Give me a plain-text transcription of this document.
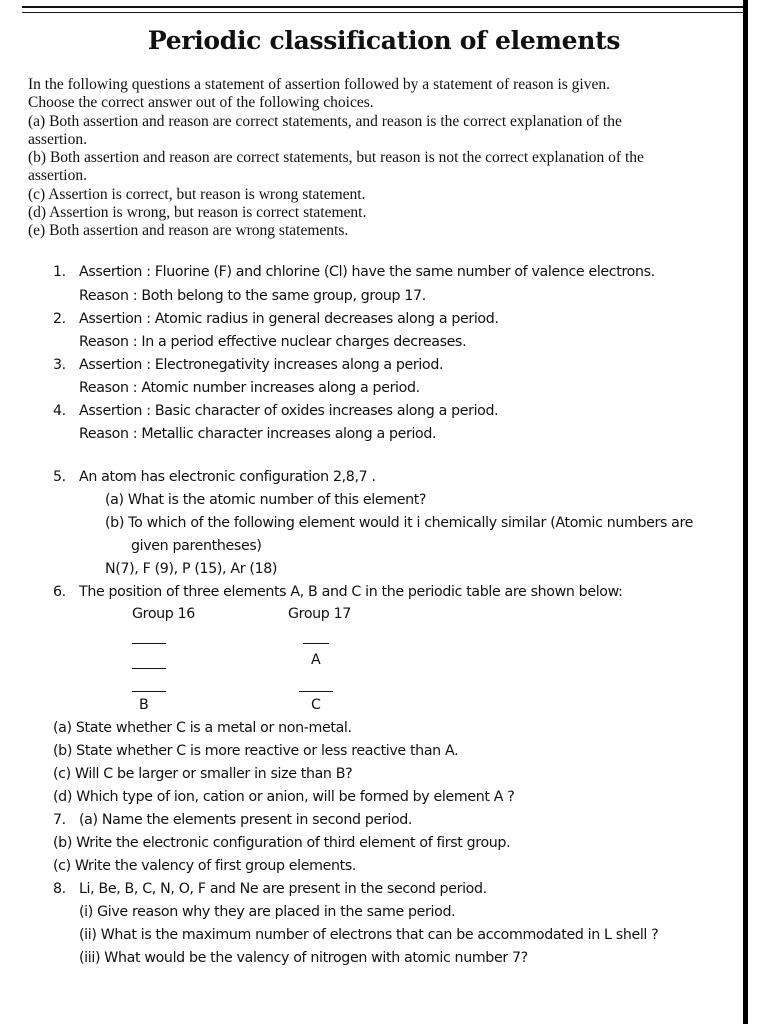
Periodic classification of elements
In the following questions a statement of assertion followed by a statement of reason is given.
Choose the correct answer out of the following choices.
(a) Both assertion and reason are correct statements, and reason is the correct explanation of the
assertion.
(b) Both assertion and reason are correct statements, but reason is not the correct explanation of the
assertion.
(c) Assertion is correct, but reason is wrong statement.
(d) Assertion is wrong, but reason is correct statement.
(e) Both assertion and reason are wrong statements.
1. Assertion : Fluorine (F) and chlorine (Cl) have the same number of valence electrons.
Reason : Both belong to the same group, group 17.
2. Assertion : Atomic radius in general decreases along a period.
Reason : In a period effective nuclear charges decreases.
3. Assertion : Electronegativity increases along a period.
Reason : Atomic number increases along a period.
4. Assertion : Basic character of oxides increases along a period.
Reason : Metallic character increases along a period.
5. An atom has electronic configuration 2,8,7 .
(a) What is the atomic number of this element?
(b) To which of the following element would it i chemically similar (Atomic numbers are
given parentheses)
N(7), F (9), P (15), Ar (18)
6. The position of three elements A, B and C in the periodic table are shown below:
Group 16	Group 17
A
B	C
(a) State whether C is a metal or non-metal.
(b) State whether C is more reactive or less reactive than A.
(c) Will C be larger or smaller in size than B?
(d) Which type of ion, cation or anion, will be formed by element A ?
7. (a) Name the elements present in second period.
(b) Write the electronic configuration of third element of first group.
(c) Write the valency of first group elements.
8. Li, Be, B, C, N, O, F and Ne are present in the second period.
(i) Give reason why they are placed in the same period.
(ii) What is the maximum number of electrons that can be accommodated in L shell ?
(iii) What would be the valency of nitrogen with atomic number 7?
